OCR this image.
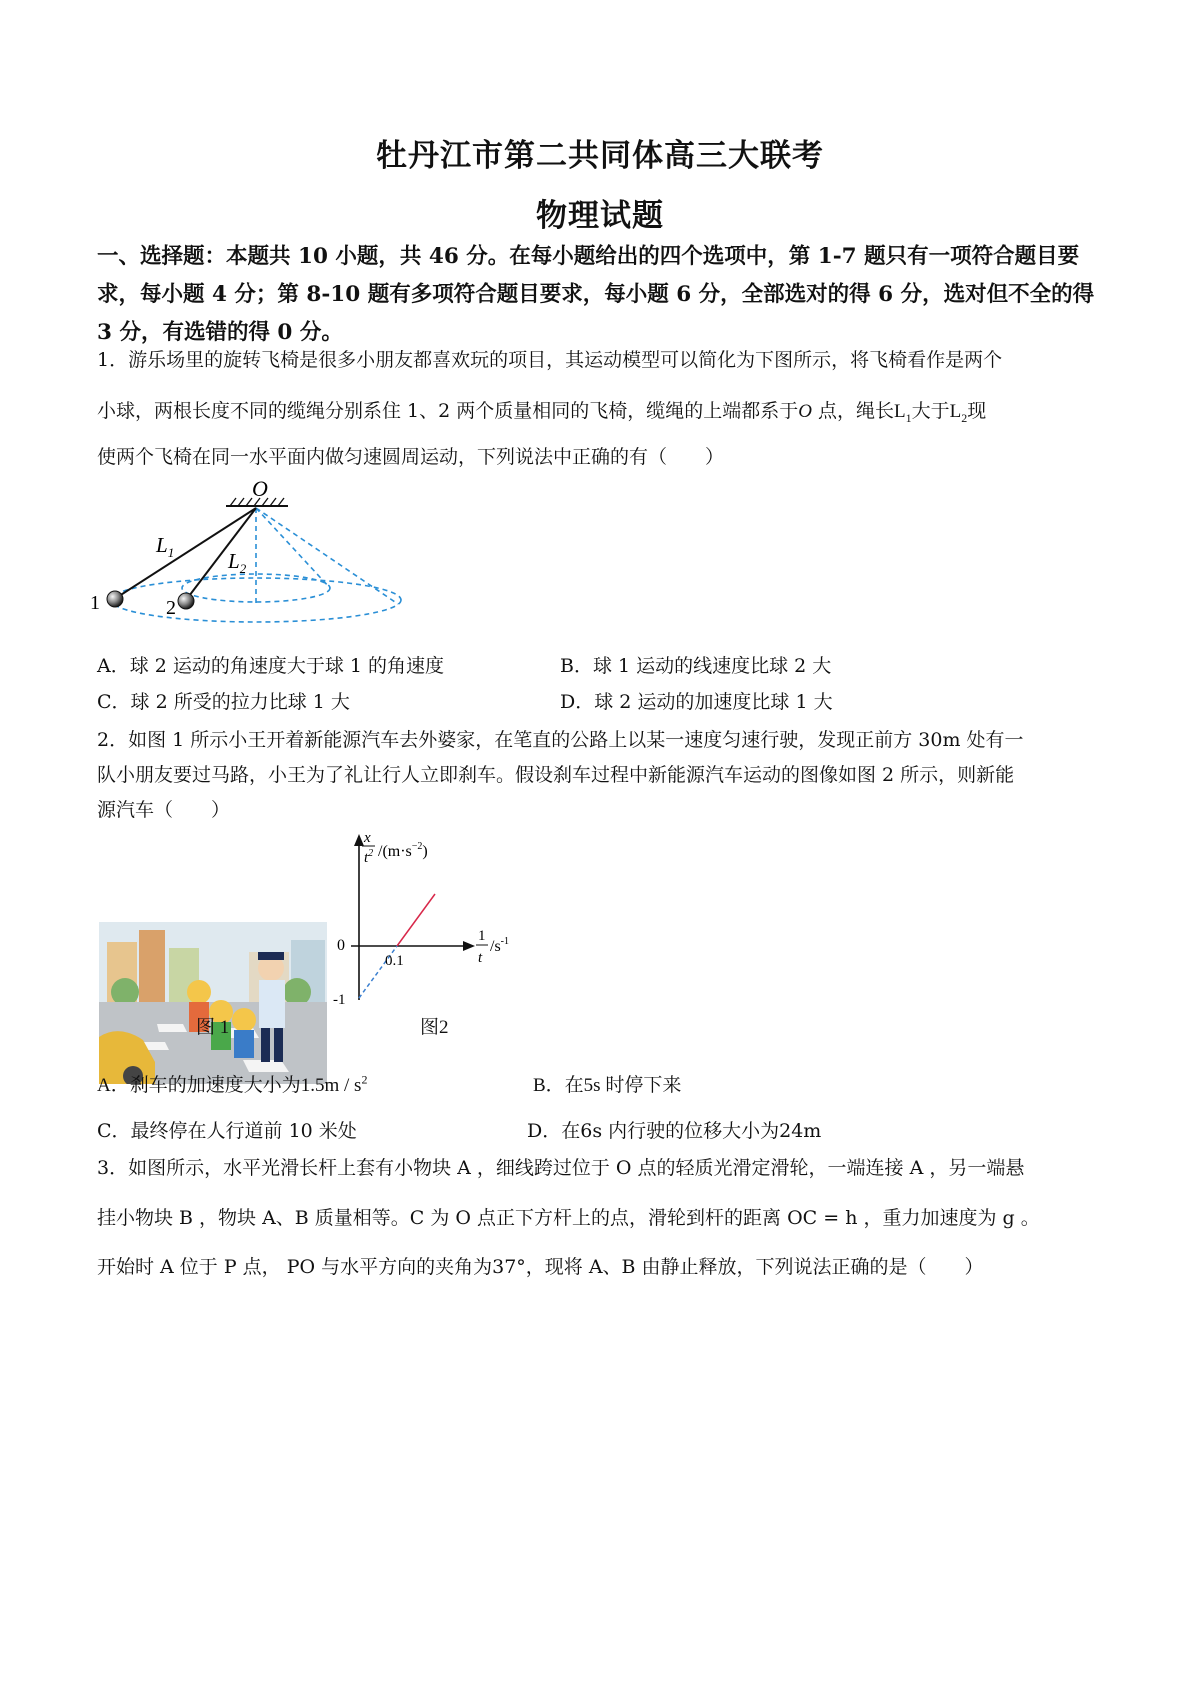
牡丹江市第二共同体高三大联考
物理试题
一、选择题：本题共 10 小题，共 46 分。在每小题给出的四个选项中，第 1-7 题只有一项符合题目要求，每小题 4 分；第 8-10 题有多项符合题目要求，每小题 6 分，全部选对的得 6 分，选对但不全的得 3 分，有选错的得 0 分。
1．游乐场里的旋转飞椅是很多小朋友都喜欢玩的项目，其运动模型可以简化为下图所示，将飞椅看作是两个
小球，两根长度不同的缆绳分别系住 1、2 两个质量相同的飞椅，缆绳的上端都系于O 点，绳长$L_1$大于$L_2$现
使两个飞椅在同一水平面内做匀速圆周运动，下列说法中正确的有（　　）
O
1	2
$L_1$	$L_2$
A．球 2 运动的角速度大于球 1 的角速度	B．球 1 运动的线速度比球 2 大
C．球 2 所受的拉力比球 1 大	D．球 2 运动的加速度比球 1 大
2．如图 1 所示小王开着新能源汽车去外婆家，在笔直的公路上以某一速度匀速行驶，发现正前方 30m 处有一
队小朋友要过马路，小王为了礼让行人立即刹车。假设刹车过程中新能源汽车运动的图像如图 2 所示，则新能
源汽车（　　）
图 1
0
0.1
-1
x
$t^2$ $/(m\cdot s^{-2})$
1
t
$/s^{-1}$
图2
A．刹车的加速度大小为$1.5m / s^2$	B．在5s 时停下来
C．最终停在人行道前 10 米处	D．在6s 内行驶的位移大小为24m
3．如图所示，水平光滑长杆上套有小物块 A ，细线跨过位于 O 点的轻质光滑定滑轮，一端连接 A ，另一端悬
挂小物块 B ，物块 A、B 质量相等。C 为 O 点正下方杆上的点，滑轮到杆的距离 OC = h ，重力加速度为 g 。
开始时 A 位于 P 点， PO 与水平方向的夹角为37°，现将 A、B 由静止释放，下列说法正确的是（　　）
